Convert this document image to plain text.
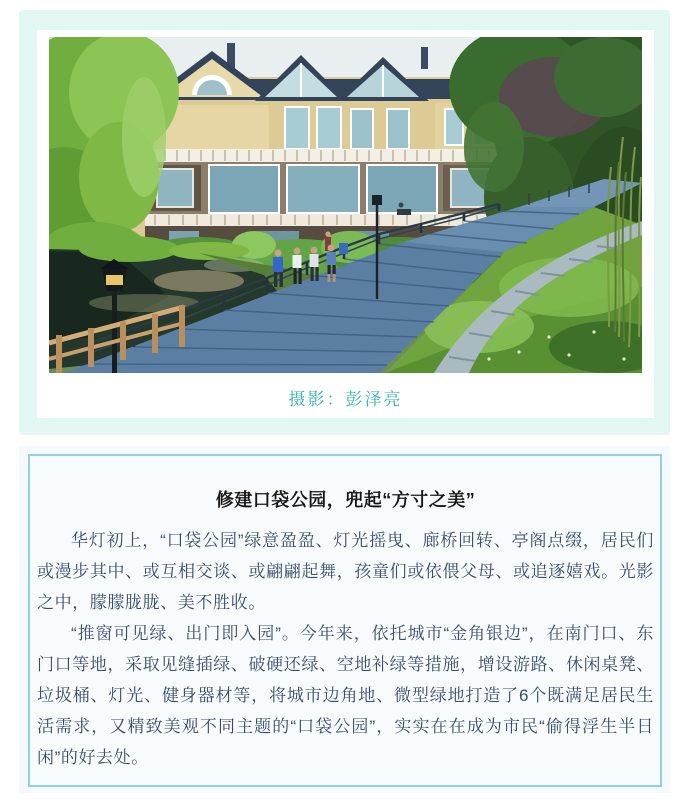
摄影：彭泽亮
修建口袋公园，兜起“方寸之美”

华灯初上，“口袋公园”绿意盈盈、灯光摇曳、廊桥回转、亭阁点缀，居民们或漫步其中、或互相交谈、或翩翩起舞，孩童们或依偎父母、或追逐嬉戏。光影之中，朦朦胧胧、美不胜收。

“推窗可见绿、出门即入园”。今年来，依托城市“金角银边”，在南门口、东门口等地，采取见缝插绿、破硬还绿、空地补绿等措施，增设游路、休闲桌凳、垃圾桶、灯光、健身器材等，将城市边角地、微型绿地打造了6个既满足居民生活需求，又精致美观不同主题的“口袋公园”，实实在在成为市民“偷得浮生半日闲”的好去处。
